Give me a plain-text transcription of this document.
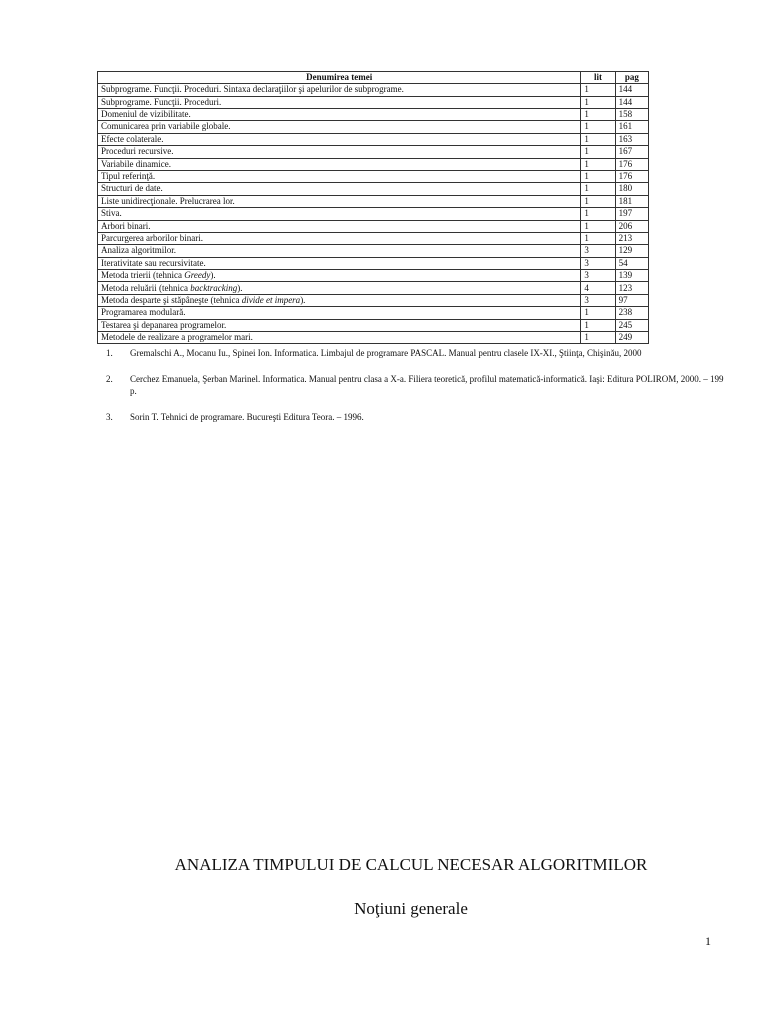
Denumirea temei	lit	pag
Subprograme. Funcţii. Proceduri. Sintaxa declaraţiilor şi apelurilor de subprograme.	1	144
Subprograme. Funcţii. Proceduri.	1	144
Domeniul de vizibilitate.	1	158
Comunicarea prin variabile globale.	1	161
Efecte colaterale.	1	163
Proceduri recursive.	1	167
Variabile dinamice.	1	176
Tipul referinţă.	1	176
Structuri de date.	1	180
Liste unidirecţionale. Prelucrarea lor.	1	181
Stiva.	1	197
Arbori binari.	1	206
Parcurgerea arborilor binari.	1	213
Analiza algoritmilor.	3	129
Iterativitate sau recursivitate.	3	54
Metoda trierii (tehnica Greedy).	3	139
Metoda reluării (tehnica backtracking).	4	123
Metoda desparte şi stăpâneşte (tehnica divide et impera).	3	97
Programarea modulară.	1	238
Testarea şi depanarea programelor.	1	245
Metodele de realizare a programelor mari.	1	249
1. Gremalschi A., Mocanu Iu., Spinei Ion. Informatica. Limbajul de programare PASCAL. Manual pentru clasele IX-XI., Ştiinţa, Chişinău, 2000
2. Cerchez Emanuela, Şerban Marinel. Informatica. Manual pentru clasa a X-a. Filiera teoretică, profilul matematică-informatică. Iaşi: Editura POLIROM, 2000. – 199 p.
3. Sorin T. Tehnici de programare. Bucureşti Editura Teora. – 1996.
ANALIZA TIMPULUI DE CALCUL NECESAR ALGORITMILOR
Noţiuni generale
1
